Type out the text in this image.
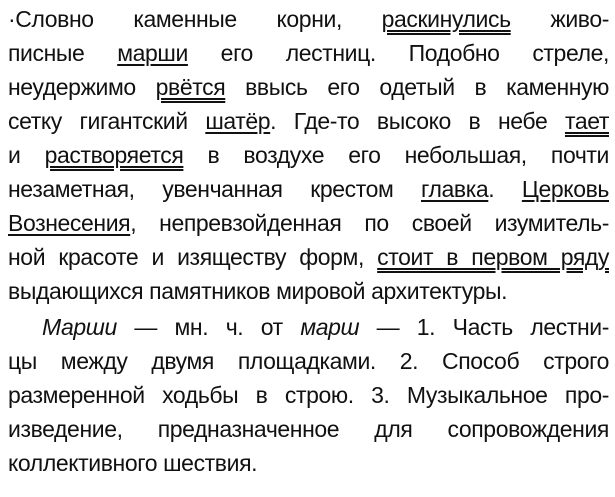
·Словно каменные корни, раскинулись живо-
писные марши его лестниц. Подобно стреле,
неудержимо рвётся ввысь его одетый в каменную
сетку гигантский шатёр. Где-то высоко в небе тает
и растворяется в воздухе его небольшая, почти
незаметная, увенчанная крестом главка. Церковь
Вознесения, непревзойденная по своей изумитель-
ной красоте и изяществу форм, стоит в первом ряду
выдающихся памятников мировой архитектуры.
Марши — мн. ч. от марш — 1. Часть лестни-
цы между двумя площадками. 2. Способ строго
размеренной ходьбы в строю. 3. Музыкальное про-
изведение, предназначенное для сопровождения
коллективного шествия.
